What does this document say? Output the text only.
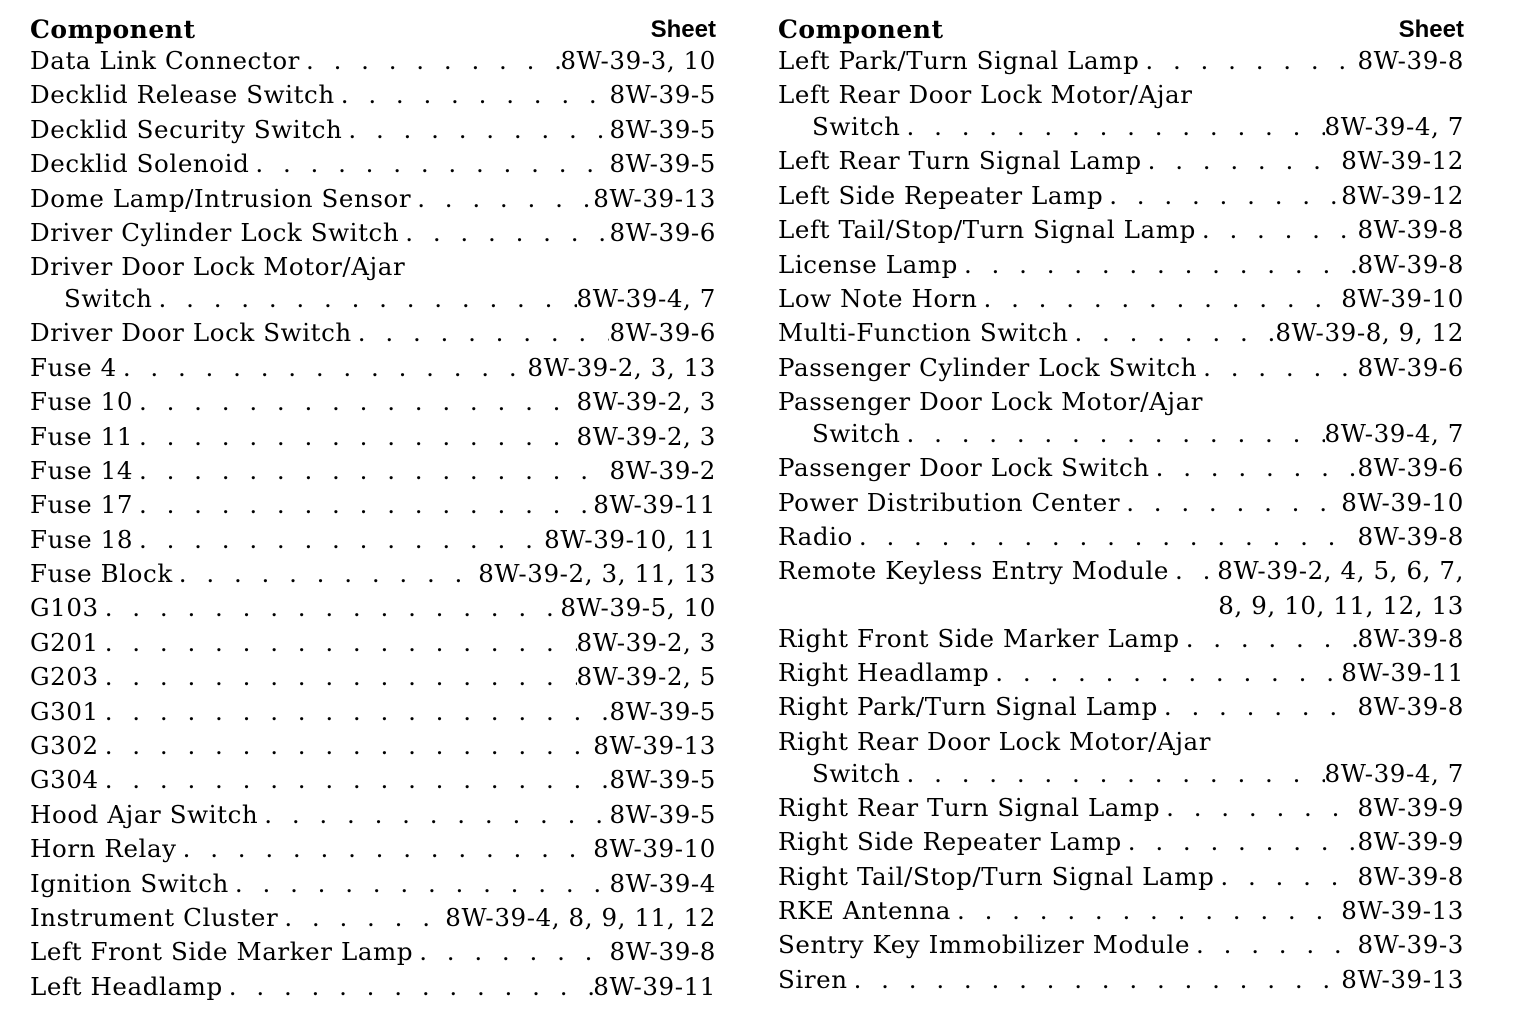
Component	Sheet
Data Link Connector . . .	8W-39-3, 10
Decklid Release Switch . . .	8W-39-5
Decklid Security Switch . . .	8W-39-5
Decklid Solenoid . . .	8W-39-5
Dome Lamp/Intrusion Sensor . . .	8W-39-13
Driver Cylinder Lock Switch . . .	8W-39-6
Driver Door Lock Motor/Ajar
Switch . . .	8W-39-4, 7
Driver Door Lock Switch . . .	8W-39-6
Fuse 4 . . .	8W-39-2, 3, 13
Fuse 10 . . .	8W-39-2, 3
Fuse 11 . . .	8W-39-2, 3
Fuse 14 . . .	8W-39-2
Fuse 17 . . .	8W-39-11
Fuse 18 . . .	8W-39-10, 11
Fuse Block . . .	8W-39-2, 3, 11, 13
G103 . . .	8W-39-5, 10
G201 . . .	8W-39-2, 3
G203 . . .	8W-39-2, 5
G301 . . .	8W-39-5
G302 . . .	8W-39-13
G304 . . .	8W-39-5
Hood Ajar Switch . . .	8W-39-5
Horn Relay . . .	8W-39-10
Ignition Switch . . .	8W-39-4
Instrument Cluster . . .	8W-39-4, 8, 9, 11, 12
Left Front Side Marker Lamp . . .	8W-39-8
Left Headlamp . . .	8W-39-11
Component	Sheet
Left Park/Turn Signal Lamp . . .	8W-39-8
Left Rear Door Lock Motor/Ajar
Switch . . .	8W-39-4, 7
Left Rear Turn Signal Lamp . . .	8W-39-12
Left Side Repeater Lamp . . .	8W-39-12
Left Tail/Stop/Turn Signal Lamp . . .	8W-39-8
License Lamp . . .	8W-39-8
Low Note Horn . . .	8W-39-10
Multi-Function Switch . . .	8W-39-8, 9, 12
Passenger Cylinder Lock Switch . . .	8W-39-6
Passenger Door Lock Motor/Ajar
Switch . . .	8W-39-4, 7
Passenger Door Lock Switch . . .	8W-39-6
Power Distribution Center . . .	8W-39-10
Radio . . .	8W-39-8
Remote Keyless Entry Module . . . 8W-39-2, 4, 5, 6, 7,
8, 9, 10, 11, 12, 13
Right Front Side Marker Lamp . . .	8W-39-8
Right Headlamp . . .	8W-39-11
Right Park/Turn Signal Lamp . . .	8W-39-8
Right Rear Door Lock Motor/Ajar
Switch . . .	8W-39-4, 7
Right Rear Turn Signal Lamp . . .	8W-39-9
Right Side Repeater Lamp . . .	8W-39-9
Right Tail/Stop/Turn Signal Lamp . . .	8W-39-8
RKE Antenna . . .	8W-39-13
Sentry Key Immobilizer Module . . .	8W-39-3
Siren . . .	8W-39-13
